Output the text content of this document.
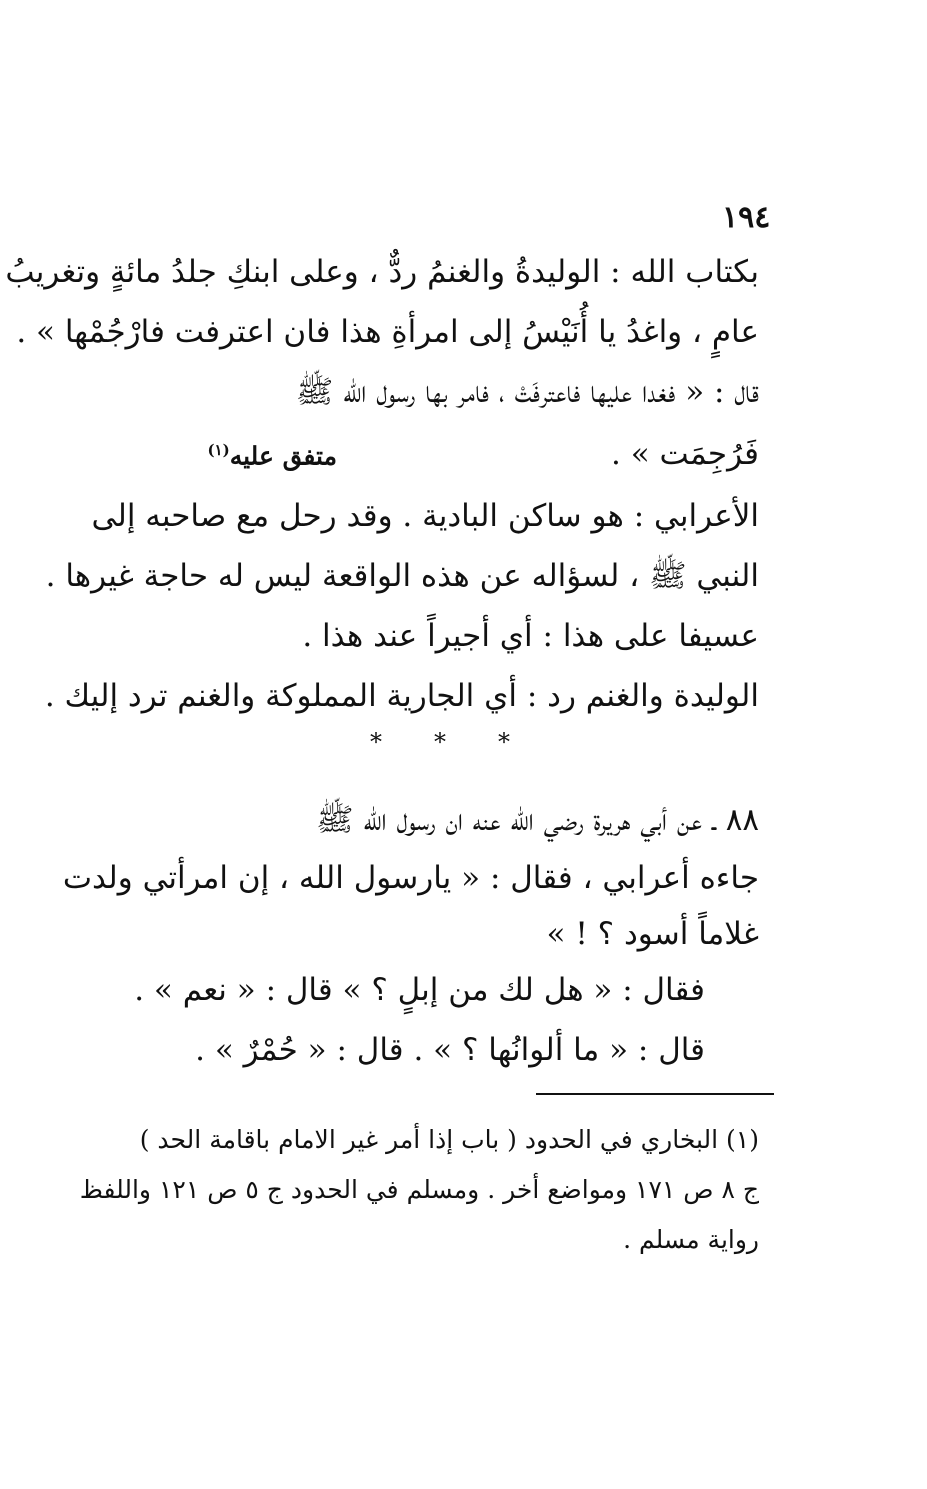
١٩٤
بكتاب الله : الوليدةُ والغنمُ ردٌّ ، وعلى ابنكِ جلدُ مائةٍ وتغريبُ
عامٍ ، واغدُ يا أُنَيْسُ إلى امرأةِ هذا فان اعترفت فارْجُمْها » .
قال : « فغدا عليها فاعترفَتْ ، فامر بها رسول الله ﷺ
فَرُجِمَت » .
متفق عليه$^{(١)}$
الأعرابي : هو ساكن البادية . وقد رحل مع صاحبه إلى
النبي ﷺ ، لسؤاله عن هذه الواقعة ليس له حاجة غيرها .
عسيفا على هذا : أي أجيراً عند هذا .
الوليدة والغنم رد : أي الجارية المملوكة والغنم ترد إليك .
* * *
٨٨ ـ عن أبي هريرة رضي الله عنه ان رسول الله ﷺ
جاءه أعرابي ، فقال : « يارسول الله ، إن امرأتي ولدت
غلاماً أسود ؟ ! »
فقال : « هل لك من إبلٍ ؟ » قال : « نعم » .
قال : « ما ألوانُها ؟ » . قال : « حُمْرٌ » .
(١) البخاري في الحدود ( باب إذا أمر غير الامام باقامة الحد )
ج ٨ ص ١٧١ ومواضع أخر . ومسلم في الحدود ج ٥ ص ١٢١ واللفظ
رواية مسلم .
